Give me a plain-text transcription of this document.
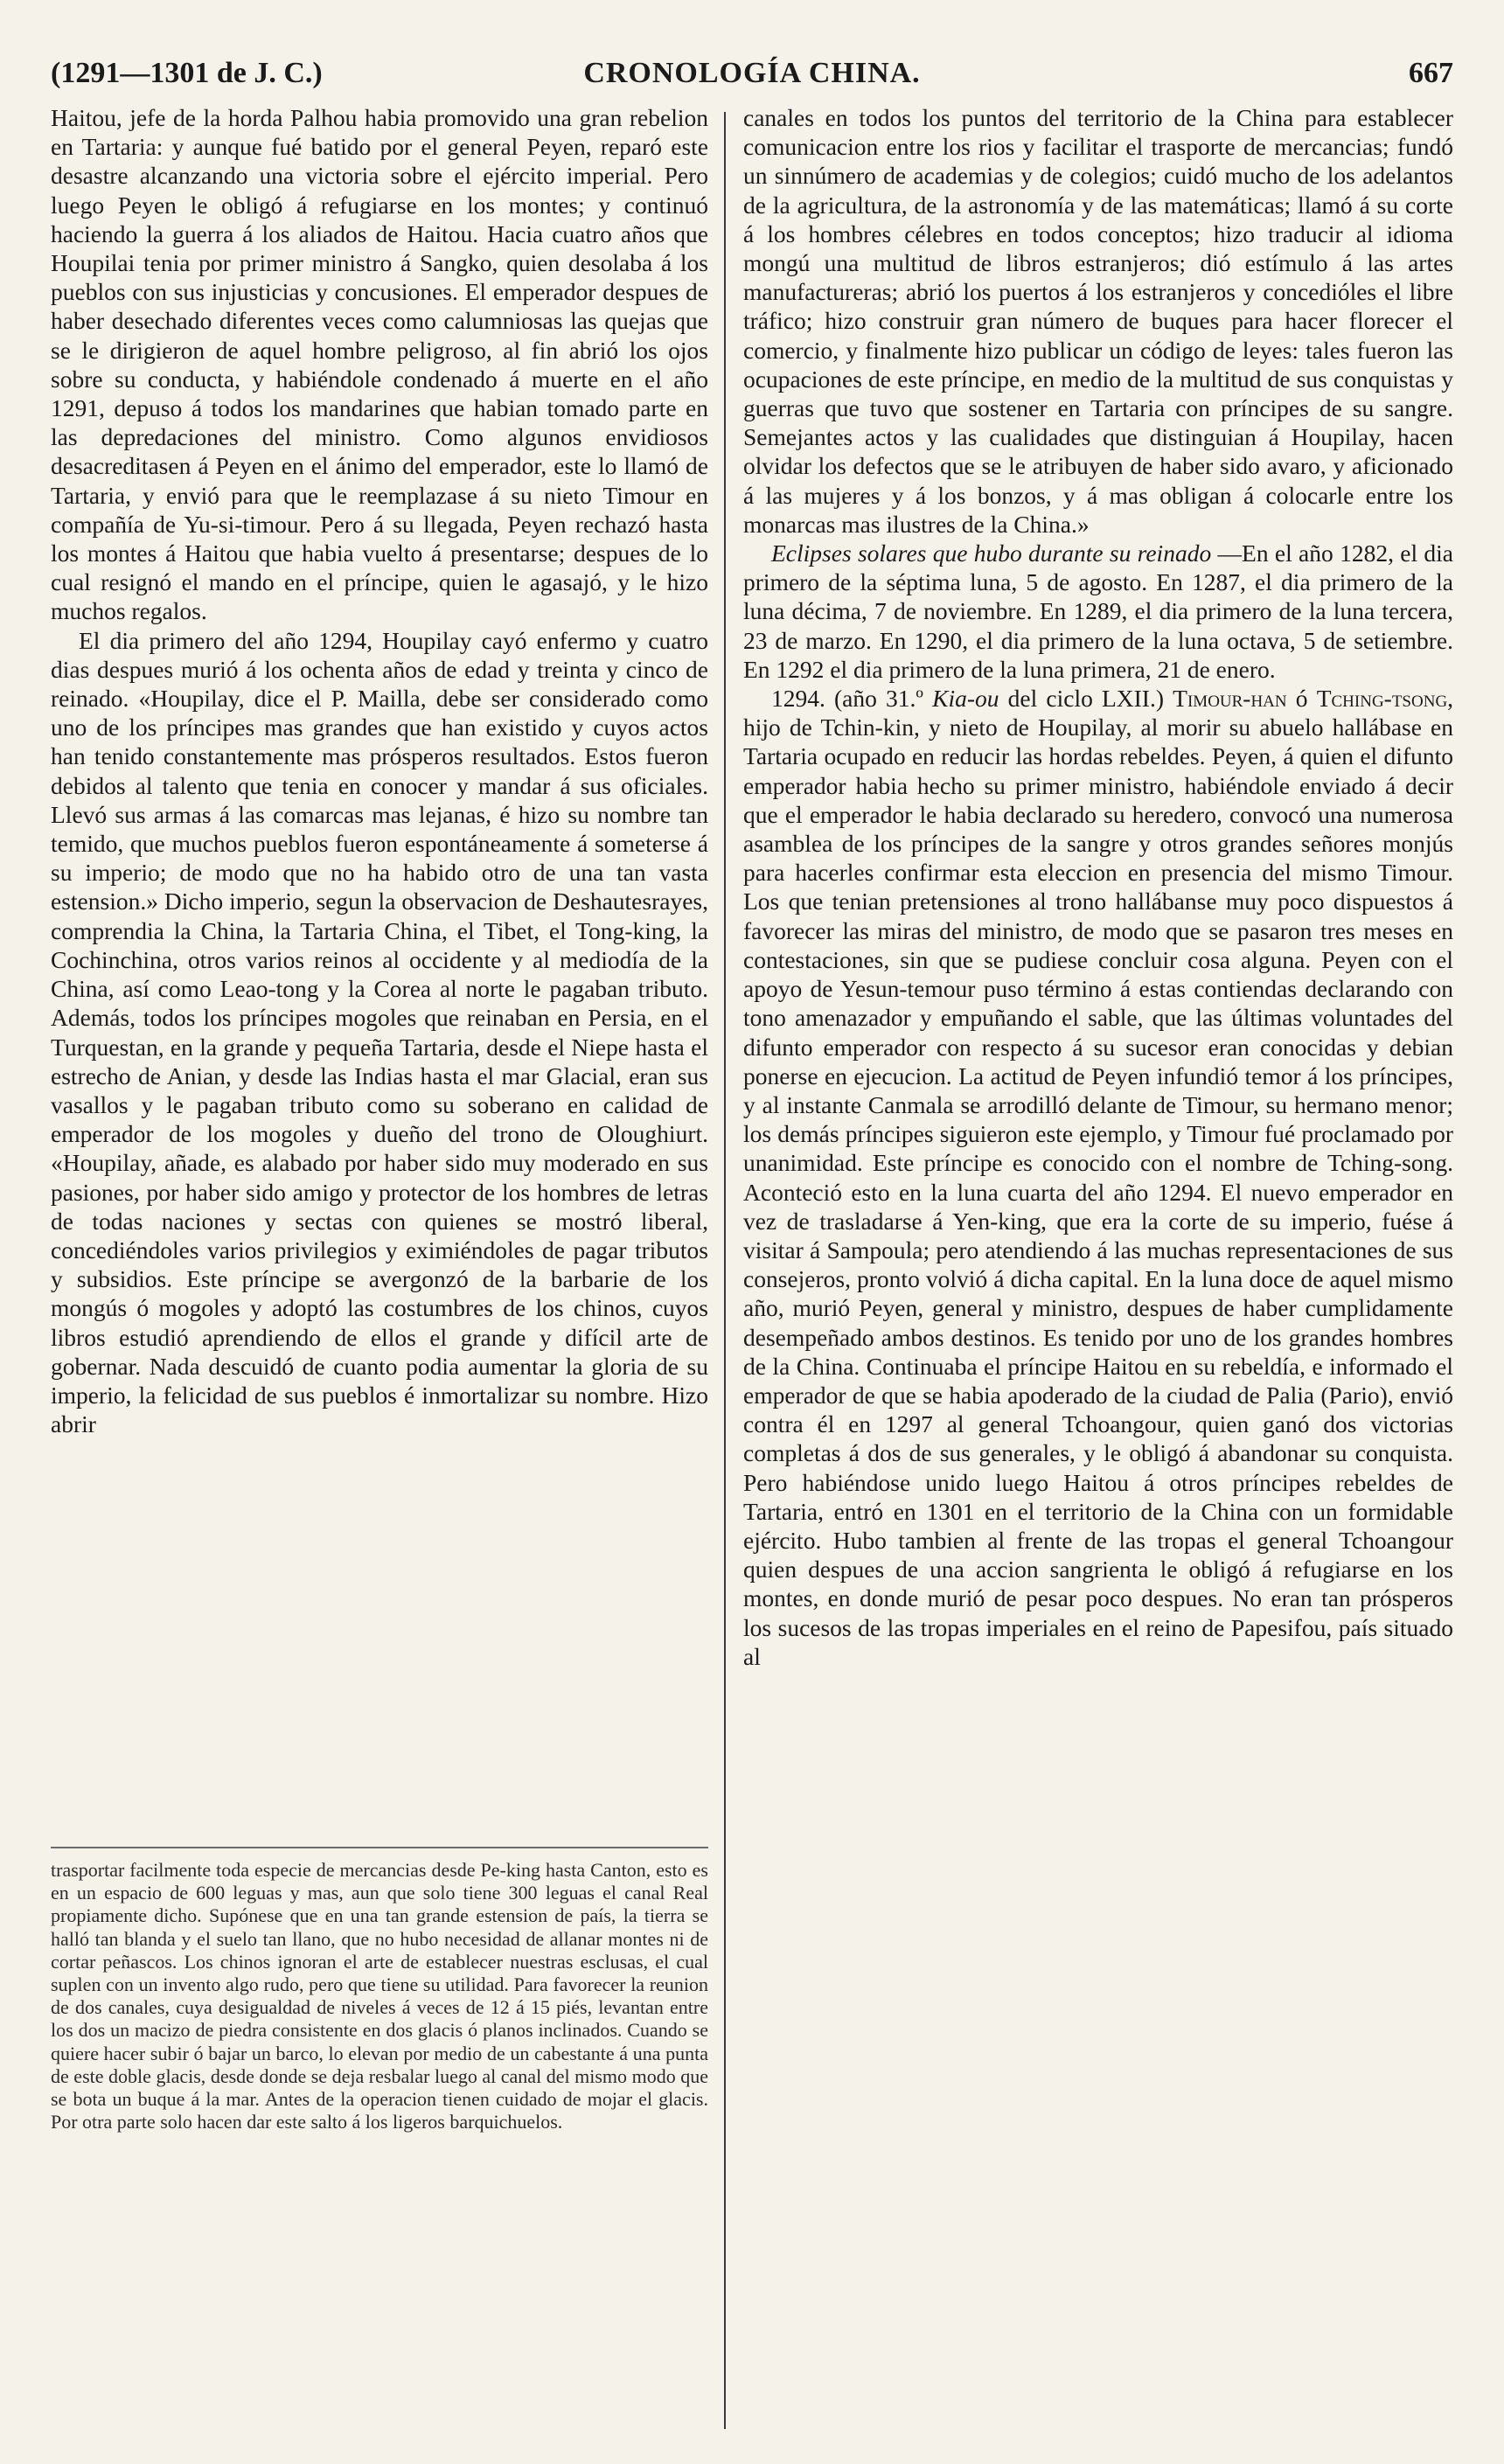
(1291—1301 de J. C.)	CRONOLOGÍA CHINA.	667

Haitou, jefe de la horda Palhou habia promovido una gran rebelion en Tartaria: y aunque fué batido por el general Peyen, reparó este desastre alcanzando una victoria sobre el ejército imperial. Pero luego Peyen le obligó á refugiarse en los montes; y continuó haciendo la guerra á los aliados de Haitou. Hacia cuatro años que Houpilai tenia por primer ministro á Sangko, quien desolaba á los pueblos con sus injusticias y concusiones. El emperador despues de haber desechado diferentes veces como calumniosas las quejas que se le dirigieron de aquel hombre peligroso, al fin abrió los ojos sobre su conducta, y habiéndole condenado á muerte en el año 1291, depuso á todos los mandarines que habian tomado parte en las depredaciones del ministro. Como algunos envidiosos desacreditasen á Peyen en el ánimo del emperador, este lo llamó de Tartaria, y envió para que le reemplazase á su nieto Timour en compañía de Yu-si-timour. Pero á su llegada, Peyen rechazó hasta los montes á Haitou que habia vuelto á presentarse; despues de lo cual resignó el mando en el príncipe, quien le agasajó, y le hizo muchos regalos.

El dia primero del año 1294, Houpilay cayó enfermo y cuatro dias despues murió á los ochenta años de edad y treinta y cinco de reinado. «Houpilay, dice el P. Mailla, debe ser considerado como uno de los príncipes mas grandes que han existido y cuyos actos han tenido constantemente mas prósperos resultados. Estos fueron debidos al talento que tenia en conocer y mandar á sus oficiales. Llevó sus armas á las comarcas mas lejanas, é hizo su nombre tan temido, que muchos pueblos fueron espontáneamente á someterse á su imperio; de modo que no ha habido otro de una tan vasta estension.» Dicho imperio, segun la observacion de Deshautesrayes, comprendia la China, la Tartaria China, el Tibet, el Tong-king, la Cochinchina, otros varios reinos al occidente y al mediodía de la China, así como Leao-tong y la Corea al norte le pagaban tributo. Además, todos los príncipes mogoles que reinaban en Persia, en el Turquestan, en la grande y pequeña Tartaria, desde el Niepe hasta el estrecho de Anian, y desde las Indias hasta el mar Glacial, eran sus vasallos y le pagaban tributo como su soberano en calidad de emperador de los mogoles y dueño del trono de Oloughiurt. «Houpilay, añade, es alabado por haber sido muy moderado en sus pasiones, por haber sido amigo y protector de los hombres de letras de todas naciones y sectas con quienes se mostró liberal, concediéndoles varios privilegios y eximiéndoles de pagar tributos y subsidios. Este príncipe se avergonzó de la barbarie de los mongús ó mogoles y adoptó las costumbres de los chinos, cuyos libros estudió aprendiendo de ellos el grande y difícil arte de gobernar. Nada descuidó de cuanto podia aumentar la gloria de su imperio, la felicidad de sus pueblos é inmortalizar su nombre. Hizo abrir

trasportar facilmente toda especie de mercancias desde Pe-king hasta Canton, esto es en un espacio de 600 leguas y mas, aun que solo tiene 300 leguas el canal Real propiamente dicho. Supónese que en una tan grande estension de país, la tierra se halló tan blanda y el suelo tan llano, que no hubo necesidad de allanar montes ni de cortar peñascos. Los chinos ignoran el arte de establecer nuestras esclusas, el cual suplen con un invento algo rudo, pero que tiene su utilidad. Para favorecer la reunion de dos canales, cuya desigualdad de niveles á veces de 12 á 15 piés, levantan entre los dos un macizo de piedra consistente en dos glacis ó planos inclinados. Cuando se quiere hacer subir ó bajar un barco, lo elevan por medio de un cabestante á una punta de este doble glacis, desde donde se deja resbalar luego al canal del mismo modo que se bota un buque á la mar. Antes de la operacion tienen cuidado de mojar el glacis. Por otra parte solo hacen dar este salto á los ligeros barquichuelos.

canales en todos los puntos del territorio de la China para establecer comunicacion entre los rios y facilitar el trasporte de mercancias; fundó un sinnúmero de academias y de colegios; cuidó mucho de los adelantos de la agricultura, de la astronomía y de las matemáticas; llamó á su corte á los hombres célebres en todos conceptos; hizo traducir al idioma mongú una multitud de libros estranjeros; dió estímulo á las artes manufactureras; abrió los puertos á los estranjeros y concedióles el libre tráfico; hizo construir gran número de buques para hacer florecer el comercio, y finalmente hizo publicar un código de leyes: tales fueron las ocupaciones de este príncipe, en medio de la multitud de sus conquistas y guerras que tuvo que sostener en Tartaria con príncipes de su sangre. Semejantes actos y las cualidades que distinguian á Houpilay, hacen olvidar los defectos que se le atribuyen de haber sido avaro, y aficionado á las mujeres y á los bonzos, y á mas obligan á colocarle entre los monarcas mas ilustres de la China.»

Eclipses solares que hubo durante su reinado —En el año 1282, el dia primero de la séptima luna, 5 de agosto. En 1287, el dia primero de la luna décima, 7 de noviembre. En 1289, el dia primero de la luna tercera, 23 de marzo. En 1290, el dia primero de la luna octava, 5 de setiembre. En 1292 el dia primero de la luna primera, 21 de enero.

1294. (año 31.º Kia-ou del ciclo LXII.) Timour-han ó Tching-tsong, hijo de Tchin-kin, y nieto de Houpilay, al morir su abuelo hallábase en Tartaria ocupado en reducir las hordas rebeldes. Peyen, á quien el difunto emperador habia hecho su primer ministro, habiéndole enviado á decir que el emperador le habia declarado su heredero, convocó una numerosa asamblea de los príncipes de la sangre y otros grandes señores monjús para hacerles confirmar esta eleccion en presencia del mismo Timour. Los que tenian pretensiones al trono hallábanse muy poco dispuestos á favorecer las miras del ministro, de modo que se pasaron tres meses en contestaciones, sin que se pudiese concluir cosa alguna. Peyen con el apoyo de Yesun-temour puso término á estas contiendas declarando con tono amenazador y empuñando el sable, que las últimas voluntades del difunto emperador con respecto á su sucesor eran conocidas y debian ponerse en ejecucion. La actitud de Peyen infundió temor á los príncipes, y al instante Canmala se arrodilló delante de Timour, su hermano menor; los demás príncipes siguieron este ejemplo, y Timour fué proclamado por unanimidad. Este príncipe es conocido con el nombre de Tching-song. Aconteció esto en la luna cuarta del año 1294. El nuevo emperador en vez de trasladarse á Yen-king, que era la corte de su imperio, fuése á visitar á Sampoula; pero atendiendo á las muchas representaciones de sus consejeros, pronto volvió á dicha capital. En la luna doce de aquel mismo año, murió Peyen, general y ministro, despues de haber cumplidamente desempeñado ambos destinos. Es tenido por uno de los grandes hombres de la China. Continuaba el príncipe Haitou en su rebeldía, e informado el emperador de que se habia apoderado de la ciudad de Palia (Pario), envió contra él en 1297 al general Tchoangour, quien ganó dos victorias completas á dos de sus generales, y le obligó á abandonar su conquista. Pero habiéndose unido luego Haitou á otros príncipes rebeldes de Tartaria, entró en 1301 en el territorio de la China con un formidable ejército. Hubo tambien al frente de las tropas el general Tchoangour quien despues de una accion sangrienta le obligó á refugiarse en los montes, en donde murió de pesar poco despues. No eran tan prósperos los sucesos de las tropas imperiales en el reino de Papesifou, país situado al
